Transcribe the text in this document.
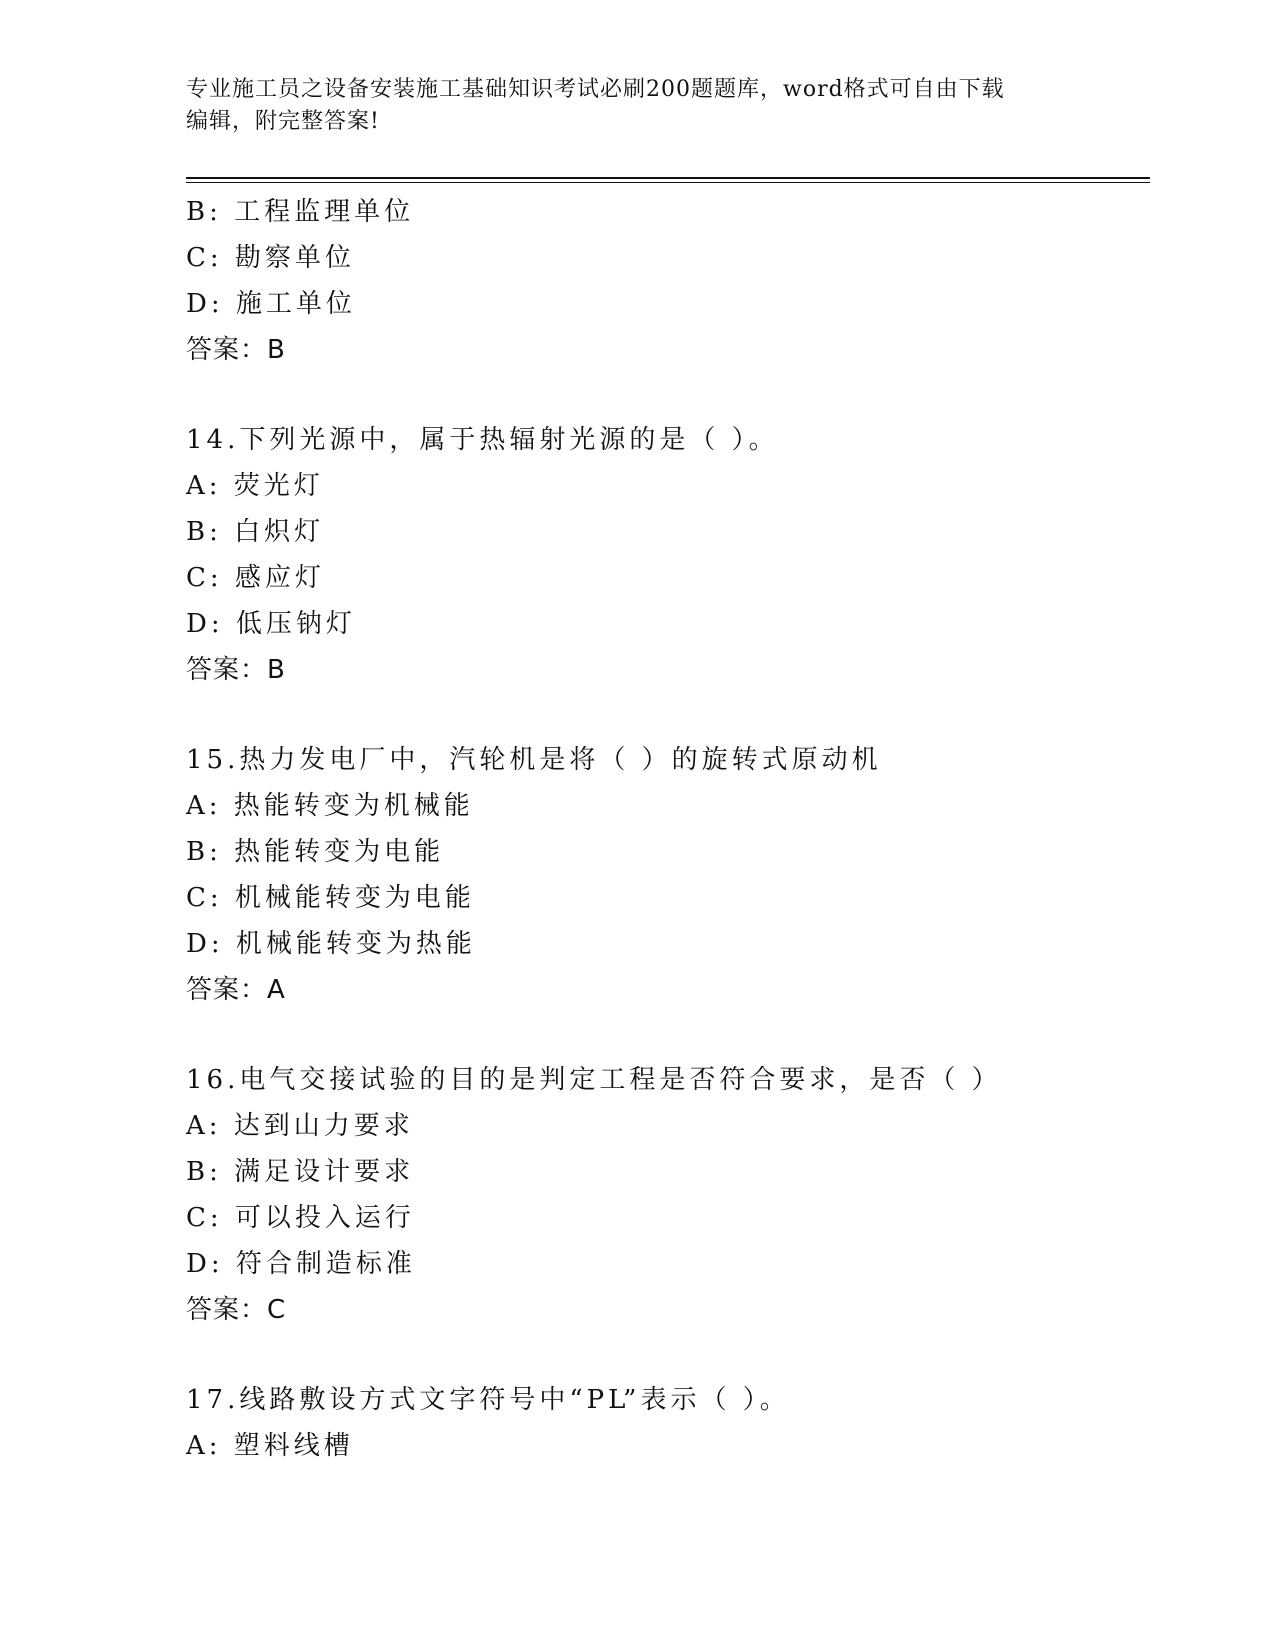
专业施工员之设备安装施工基础知识考试必刷200题题库，word格式可自由下载
编辑，附完整答案!
B: 工程监理单位
C: 勘察单位
D: 施工单位
答案：B
14.下列光源中，属于热辐射光源的是（ ）。
A: 荧光灯
B: 白炽灯
C: 感应灯
D: 低压钠灯
答案：B
15.热力发电厂中，汽轮机是将（ ）的旋转式原动机
A: 热能转变为机械能
B: 热能转变为电能
C: 机械能转变为电能
D: 机械能转变为热能
答案：A
16.电气交接试验的目的是判定工程是否符合要求，是否（ ）
A: 达到山力要求
B: 满足设计要求
C: 可以投入运行
D: 符合制造标准
答案：C
17.线路敷设方式文字符号中“PL”表示（ ）。
A: 塑料线槽
